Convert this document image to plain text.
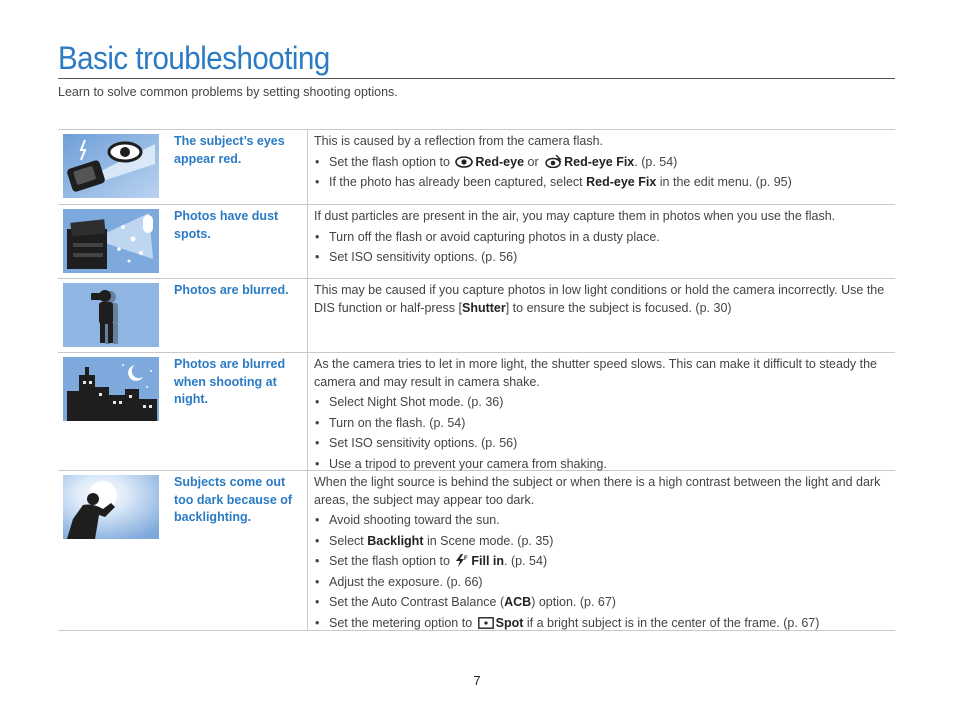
Basic troubleshooting
Learn to solve common problems by setting shooting options.
The subject’s eyes appear red.

This is caused by a reflection from the camera flash.

• Set the flash option to Red-eye or Red-eye Fix. (p. 54)
• If the photo has already been captured, select Red-eye Fix in the edit menu. (p. 95)
Photos have dust spots.

If dust particles are present in the air, you may capture them in photos when you use the flash.

• Turn off the flash or avoid capturing photos in a dusty place.
• Set ISO sensitivity options. (p. 56)
Photos are blurred.	This may be caused if you capture photos in low light conditions or hold the camera incorrectly. Use the DIS function or half-press [Shutter] to ensure the subject is focused. (p. 30)

Photos are blurred when shooting at night.

As the camera tries to let in more light, the shutter speed slows. This can make it difficult to steady the camera and may result in camera shake.

• Select Night Shot mode. (p. 36)
• Turn on the flash. (p. 54)
• Set ISO sensitivity options. (p. 56)
• Use a tripod to prevent your camera from shaking.
Subjects come out too dark because of backlighting.

When the light source is behind the subject or when there is a high contrast between the light and dark areas, the subject may appear too dark.

• Avoid shooting toward the sun.
• Select Backlight in Scene mode. (p. 35)
• Set the flash option to F Fill in. (p. 54)
• Adjust the exposure. (p. 66)
• Set the Auto Contrast Balance (ACB) option. (p. 67)
• Set the metering option to Spot if a bright subject is in the center of the frame. (p. 67)
7
